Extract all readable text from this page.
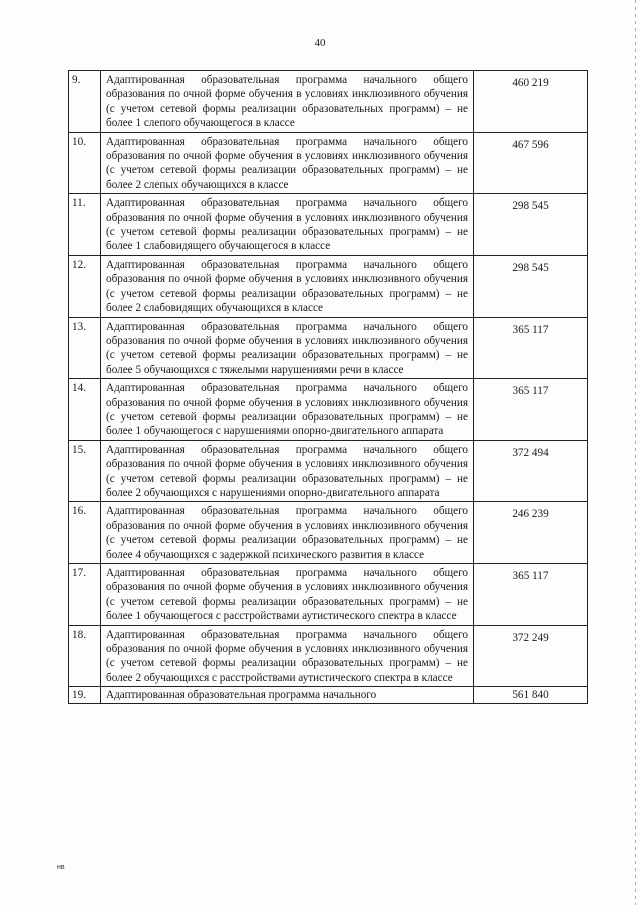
40
9.	Адаптированная образовательная программа начального общего образования по очной форме обучения в условиях инклюзивного обучения (с учетом сетевой формы реализации образовательных программ) – не более 1 слепого обучающегося в классе	460 219
10.	Адаптированная образовательная программа начального общего образования по очной форме обучения в условиях инклюзивного обучения (с учетом сетевой формы реализации образовательных программ) – не более 2 слепых обучающихся в классе	467 596
11.	Адаптированная образовательная программа начального общего образования по очной форме обучения в условиях инклюзивного обучения (с учетом сетевой формы реализации образовательных программ) – не более 1 слабовидящего обучающегося в классе	298 545
12.	Адаптированная образовательная программа начального общего образования по очной форме обучения в условиях инклюзивного обучения (с учетом сетевой формы реализации образовательных программ) – не более 2 слабовидящих обучающихся в классе	298 545
13.	Адаптированная образовательная программа начального общего образования по очной форме обучения в условиях инклюзивного обучения (с учетом сетевой формы реализации образовательных программ) – не более 5 обучающихся с тяжелыми нарушениями речи в классе	365 117
14.	Адаптированная образовательная программа начального общего образования по очной форме обучения в условиях инклюзивного обучения (с учетом сетевой формы реализации образовательных программ) – не более 1 обучающегося с нарушениями опорно-двигательного аппарата	365 117
15.	Адаптированная образовательная программа начального общего образования по очной форме обучения в условиях инклюзивного обучения (с учетом сетевой формы реализации образовательных программ) – не более 2 обучающихся с нарушениями опорно-двигательного аппарата	372 494
16.	Адаптированная образовательная программа начального общего образования по очной форме обучения в условиях инклюзивного обучения (с учетом сетевой формы реализации образовательных программ) – не более 4 обучающихся с задержкой психического развития в классе	246 239
17.	Адаптированная образовательная программа начального общего образования по очной форме обучения в условиях инклюзивного обучения (с учетом сетевой формы реализации образовательных программ) – не более 1 обучающегося с расстройствами аутистического спектра в классе	365 117
18.	Адаптированная образовательная программа начального общего образования по очной форме обучения в условиях инклюзивного обучения (с учетом сетевой формы реализации образовательных программ) – не более 2 обучающихся с расстройствами аутистического спектра в классе	372 249
19.	Адаптированная образовательная программа начального	561 840
нв
